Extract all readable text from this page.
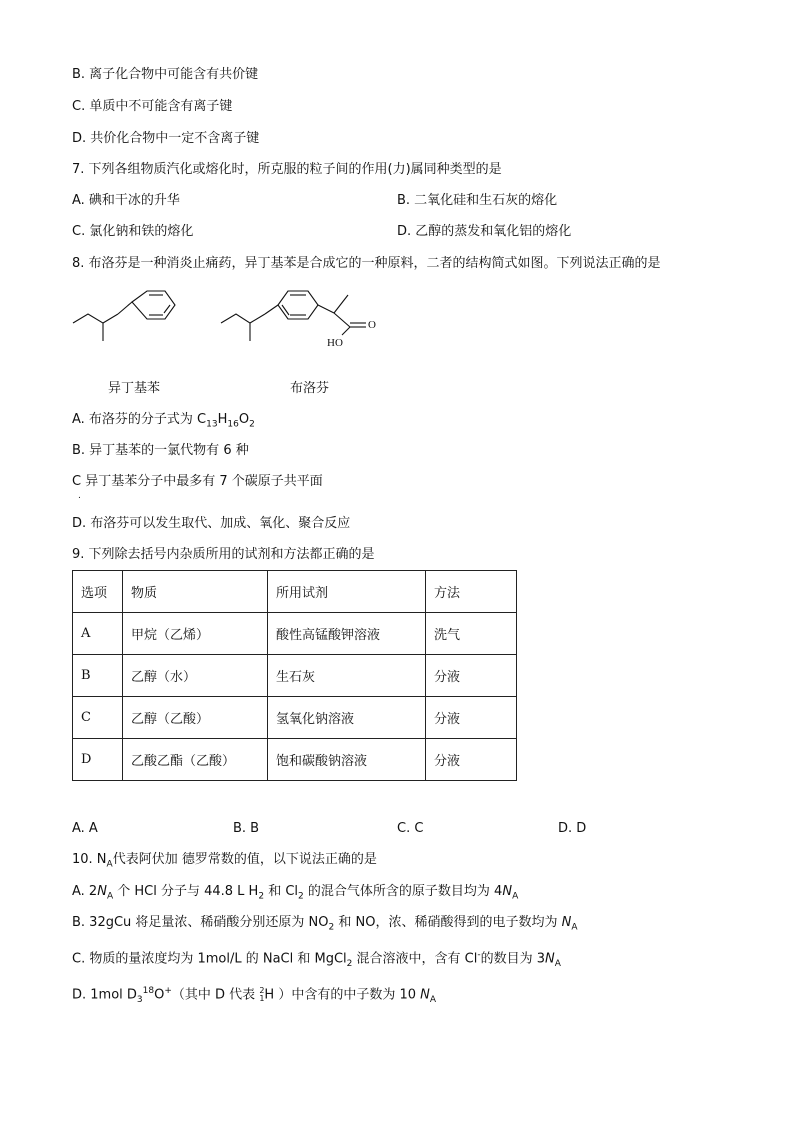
B. 离子化合物中可能含有共价键
C. 单质中不可能含有离子键
D. 共价化合物中一定不含离子键
7. 下列各组物质汽化或熔化时，所克服的粒子间的作用(力)属同种类型的是
A. 碘和干冰的升华	B. 二氧化硅和生石灰的熔化
C. 氯化钠和铁的熔化	D. 乙醇的蒸发和氧化铝的熔化
8. 布洛芬是一种消炎止痛药，异丁基苯是合成它的一种原料，二者的结构简式如图。下列说法正确的是
HO
O
异丁基苯	布洛芬
A. 布洛芬的分子式为 $C_{13}H_{16}O_2$
B. 异丁基苯的一氯代物有 6 种
C 异丁基苯分子中最多有 7 个碳原子共平面
.
D. 布洛芬可以发生取代、加成、氧化、聚合反应
9. 下列除去括号内杂质所用的试剂和方法都正确的是
选项	物质	所用试剂	方法
A	甲烷（乙烯）	酸性高锰酸钾溶液	洗气
B	乙醇（水）	生石灰	分液
C	乙醇（乙酸）	氢氧化钠溶液	分液
D	乙酸乙酯（乙酸）	饱和碳酸钠溶液	分液
A. A	B. B	C. C	D. D
10. $N_A$代表阿伏加 德罗常数的值，以下说法正确的是
A. $2N_A$ 个 HCl 分子与 44.8 L $H_2$ 和 $Cl_2$ 的混合气体所含的原子数目均为 $4N_A$
B. 32gCu 将足量浓、稀硝酸分别还原为 $NO_2$ 和 NO，浓、稀硝酸得到的电子数均为 $N_A$
C. 物质的量浓度均为 1mol/L 的 NaCl 和 MgCl$_2$ 混合溶液中，含有 Cl-的数目为 $3N_A$
D. 1mol $D_3^{18}O^+$（其中 D 代表 2
1 H ）中含有的中子数为 10 $N_A$
